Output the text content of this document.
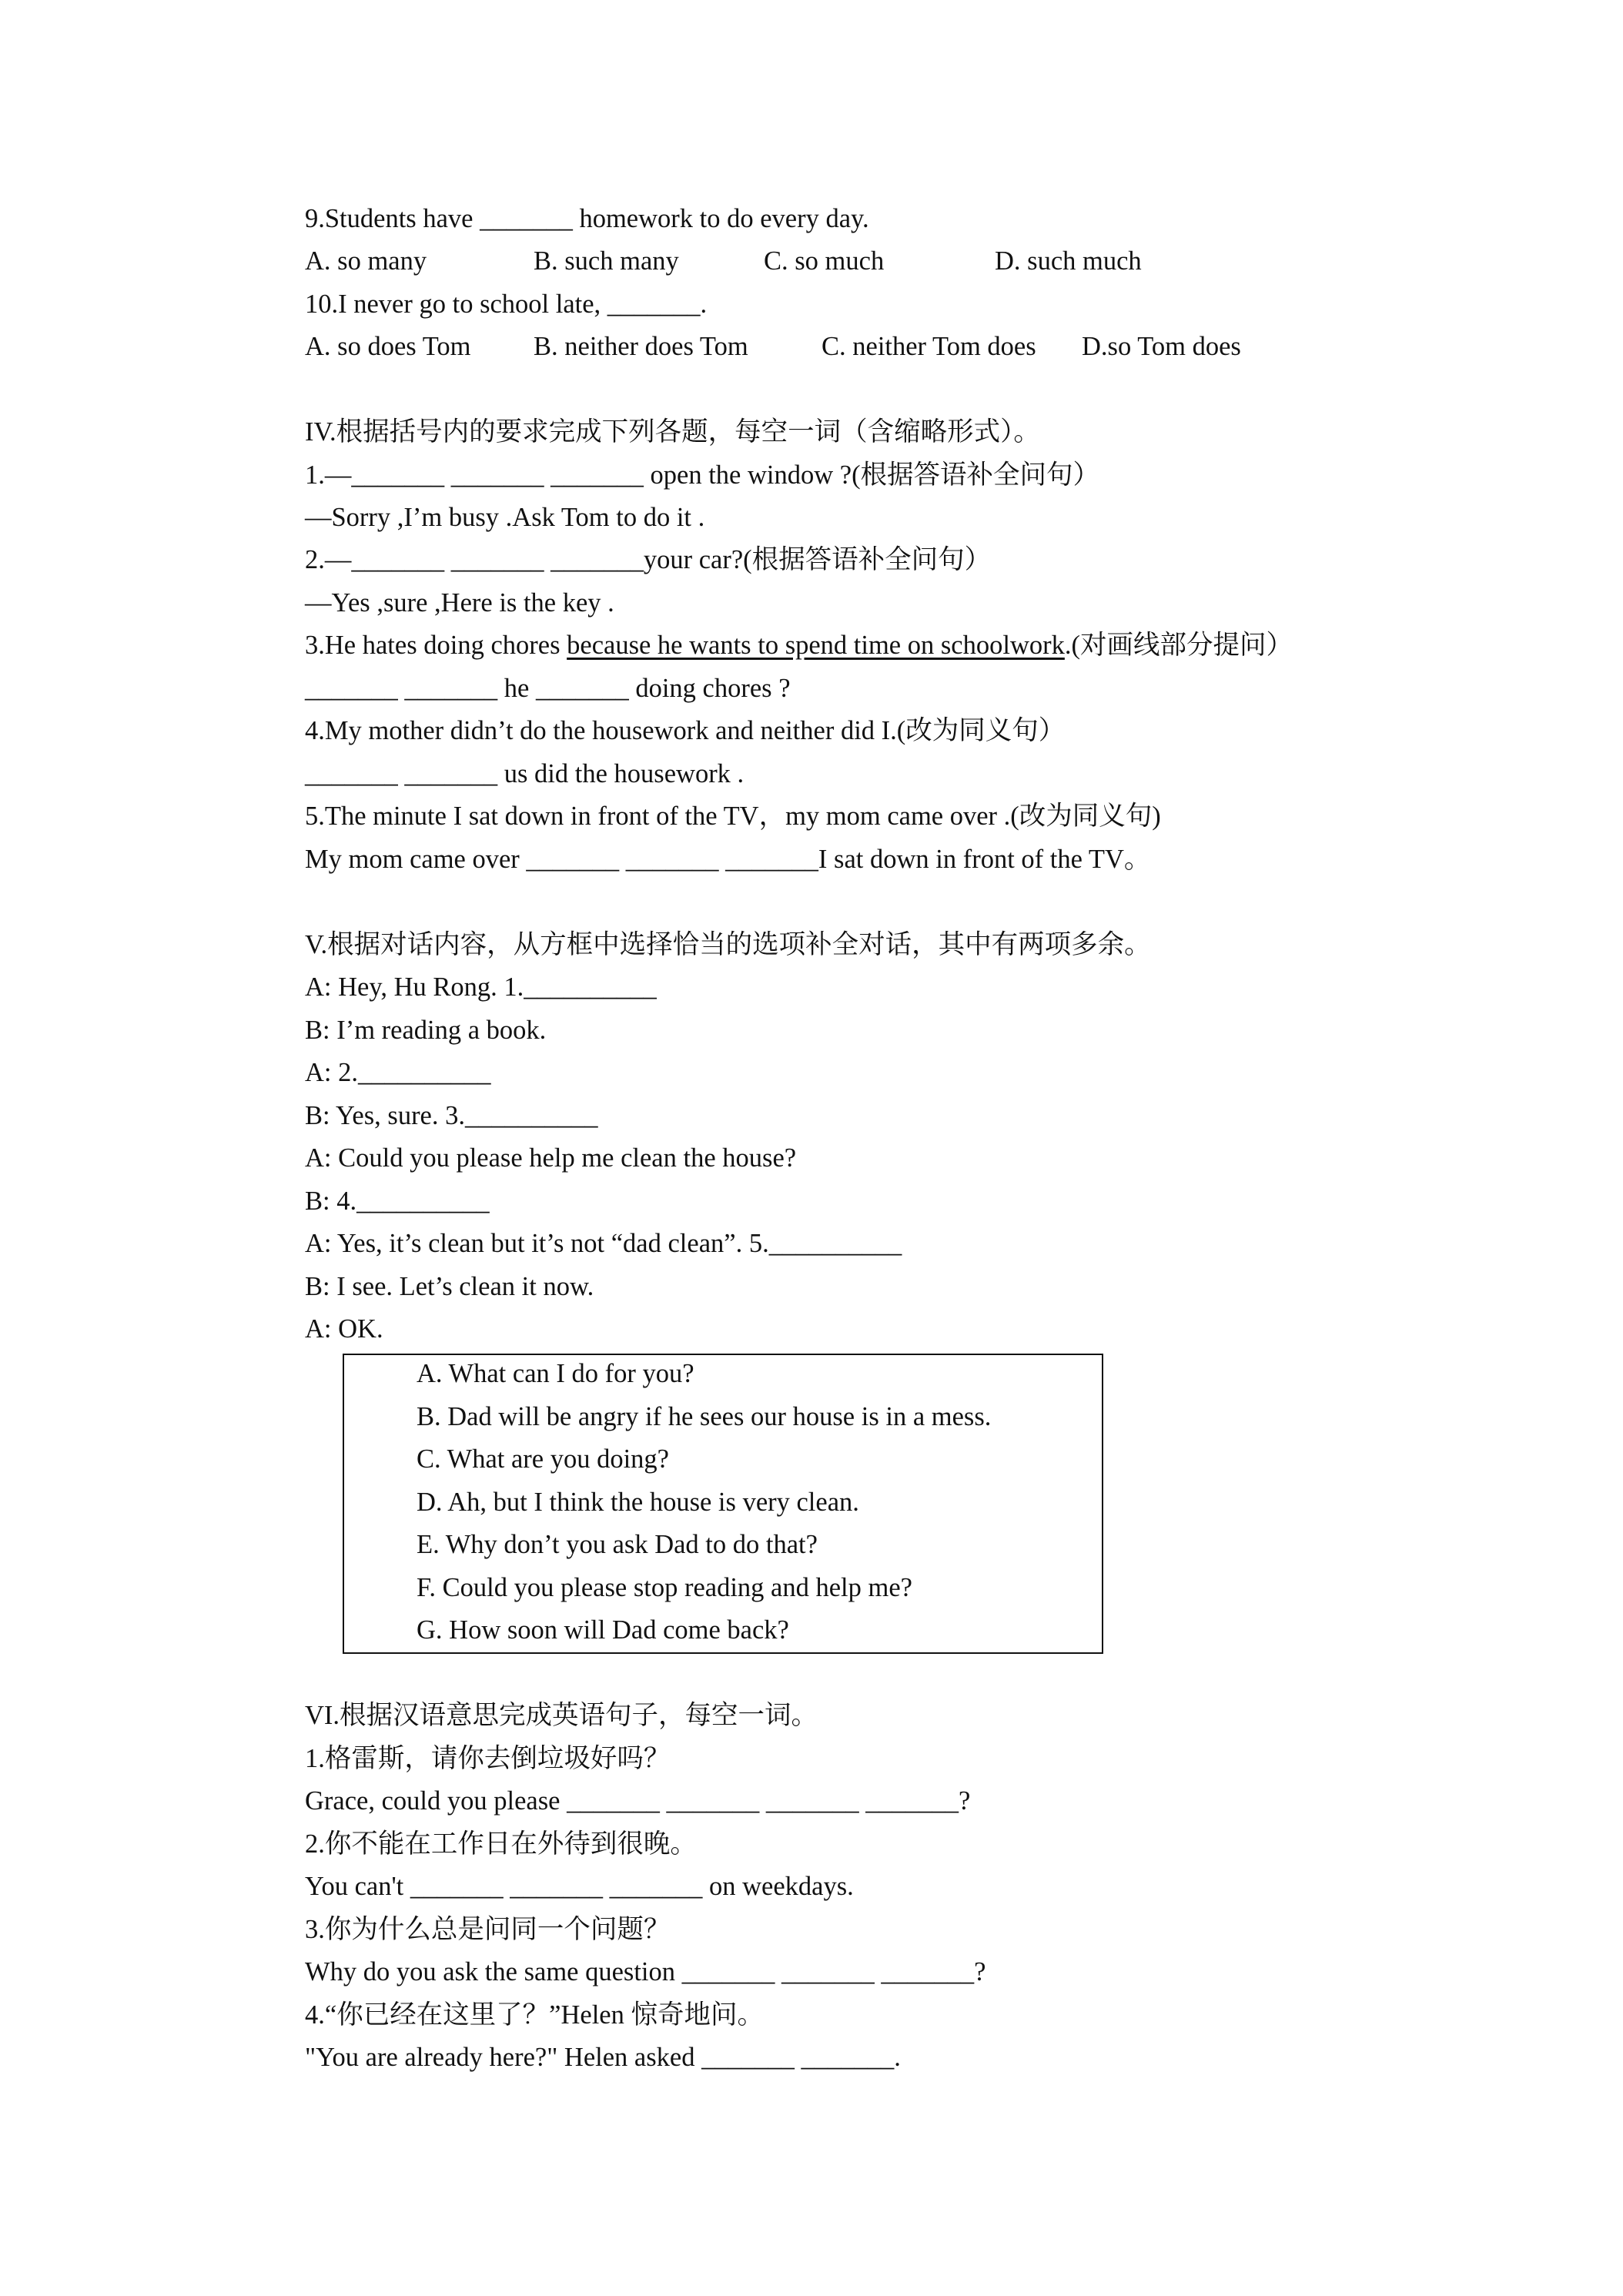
9.Students have _______ homework to do every day.
A. so many	B. such many	C. so much	D. such much
10.I never go to school late, _______.
A. so does Tom B. neither does Tom	C. neither Tom does D.so Tom does
IV.根据括号内的要求完成下列各题，每空一词（含缩略形式）。
1.—_______ _______ _______ open the window ?(根据答语补全问句）
—Sorry ,I’m busy .Ask Tom to do it .
2.—_______ _______ _______your car?(根据答语补全问句）
—Yes ,sure ,Here is the key .
3.He hates doing chores because he wants to spend time on schoolwork.(对画线部分提问）
_______ _______ he _______ doing chores ?
4.My mother didn’t do the housework and neither did I.(改为同义句）
_______ _______ us did the housework .
5.The minute I sat down in front of the TV，my mom came over .(改为同义句)
My mom came over _______ _______ _______I sat down in front of the TV。
V.根据对话内容，从方框中选择恰当的选项补全对话，其中有两项多余。
A: Hey, Hu Rong. 1.__________
B: I’m reading a book.
A: 2.__________
B: Yes, sure. 3.__________
A: Could you please help me clean the house?
B: 4.__________
A: Yes, it’s clean but it’s not “dad clean”. 5.__________
B: I see. Let’s clean it now.
A: OK.
A. What can I do for you?
B. Dad will be angry if he sees our house is in a mess.
C. What are you doing?
D. Ah, but I think the house is very clean.
E. Why don’t you ask Dad to do that?
F. Could you please stop reading and help me?
G. How soon will Dad come back?
VI.根据汉语意思完成英语句子，每空一词。
1.格雷斯，请你去倒垃圾好吗？
Grace, could you please _______ _______ _______ _______?
2.你不能在工作日在外待到很晚。
You can't _______ _______ _______ on weekdays.
3.你为什么总是问同一个问题？
Why do you ask the same question _______ _______ _______?
4.“你已经在这里了？”Helen 惊奇地问。
"You are already here?" Helen asked _______ _______.
